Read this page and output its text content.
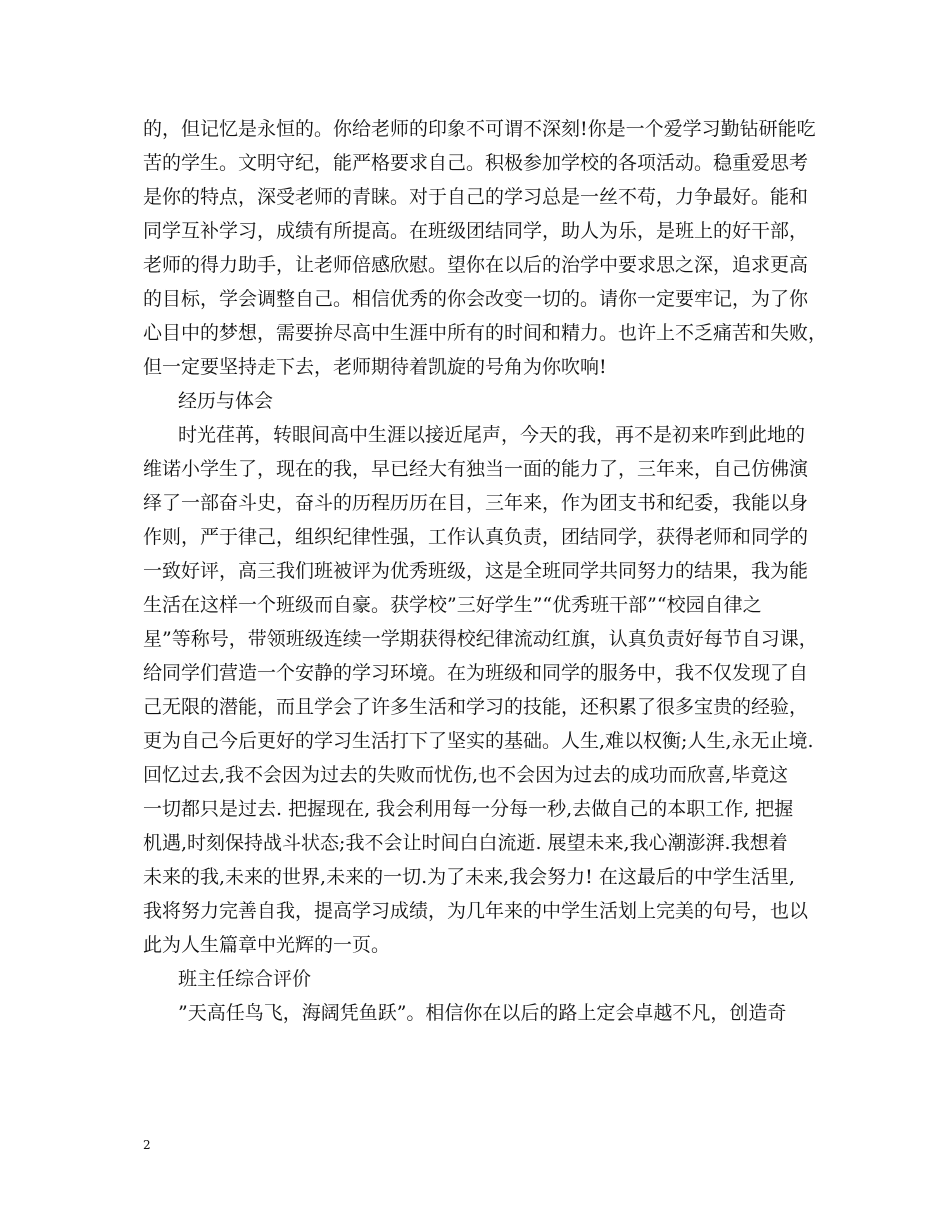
的，但记忆是永恒的。你给老师的印象不可谓不深刻!你是一个爱学习勤钻研能吃
苦的学生。文明守纪，能严格要求自己。积极参加学校的各项活动。稳重爱思考
是你的特点，深受老师的青睐。对于自己的学习总是一丝不苟，力争最好。能和
同学互补学习，成绩有所提高。在班级团结同学，助人为乐，是班上的好干部，
老师的得力助手，让老师倍感欣慰。望你在以后的治学中要求思之深，追求更高
的目标，学会调整自己。相信优秀的你会改变一切的。请你一定要牢记，为了你
心目中的梦想，需要拚尽高中生涯中所有的时间和精力。也许上不乏痛苦和失败，
但一定要坚持走下去，老师期待着凯旋的号角为你吹响!
经历与体会
时光荏苒，转眼间高中生涯以接近尾声，今天的我，再不是初来咋到此地的
维诺小学生了，现在的我，早已经大有独当一面的能力了，三年来，自己仿佛演
绎了一部奋斗史，奋斗的历程历历在目，三年来，作为团支书和纪委，我能以身
作则，严于律己，组织纪律性强，工作认真负责，团结同学，获得老师和同学的
一致好评，高三我们班被评为优秀班级，这是全班同学共同努力的结果，我为能
生活在这样一个班级而自豪。获学校”三好学生”“优秀班干部”“校园自律之
星”等称号，带领班级连续一学期获得校纪律流动红旗，认真负责好每节自习课，
给同学们营造一个安静的学习环境。在为班级和同学的服务中，我不仅发现了自
己无限的潜能，而且学会了许多生活和学习的技能，还积累了很多宝贵的经验，
更为自己今后更好的学习生活打下了坚实的基础。人生,难以权衡;人生,永无止境.
回忆过去,我不会因为过去的失败而忧伤,也不会因为过去的成功而欣喜,毕竟这
一切都只是过去. 把握现在, 我会利用每一分每一秒,去做自己的本职工作, 把握
机遇,时刻保持战斗状态;我不会让时间白白流逝. 展望未来,我心潮澎湃.我想着
未来的我,未来的世界,未来的一切.为了未来,我会努力! 在这最后的中学生活里,
我将努力完善自我，提高学习成绩，为几年来的中学生活划上完美的句号，也以
此为人生篇章中光辉的一页。
班主任综合评价
”天高任鸟飞，海阔凭鱼跃”。相信你在以后的路上定会卓越不凡，创造奇
2
